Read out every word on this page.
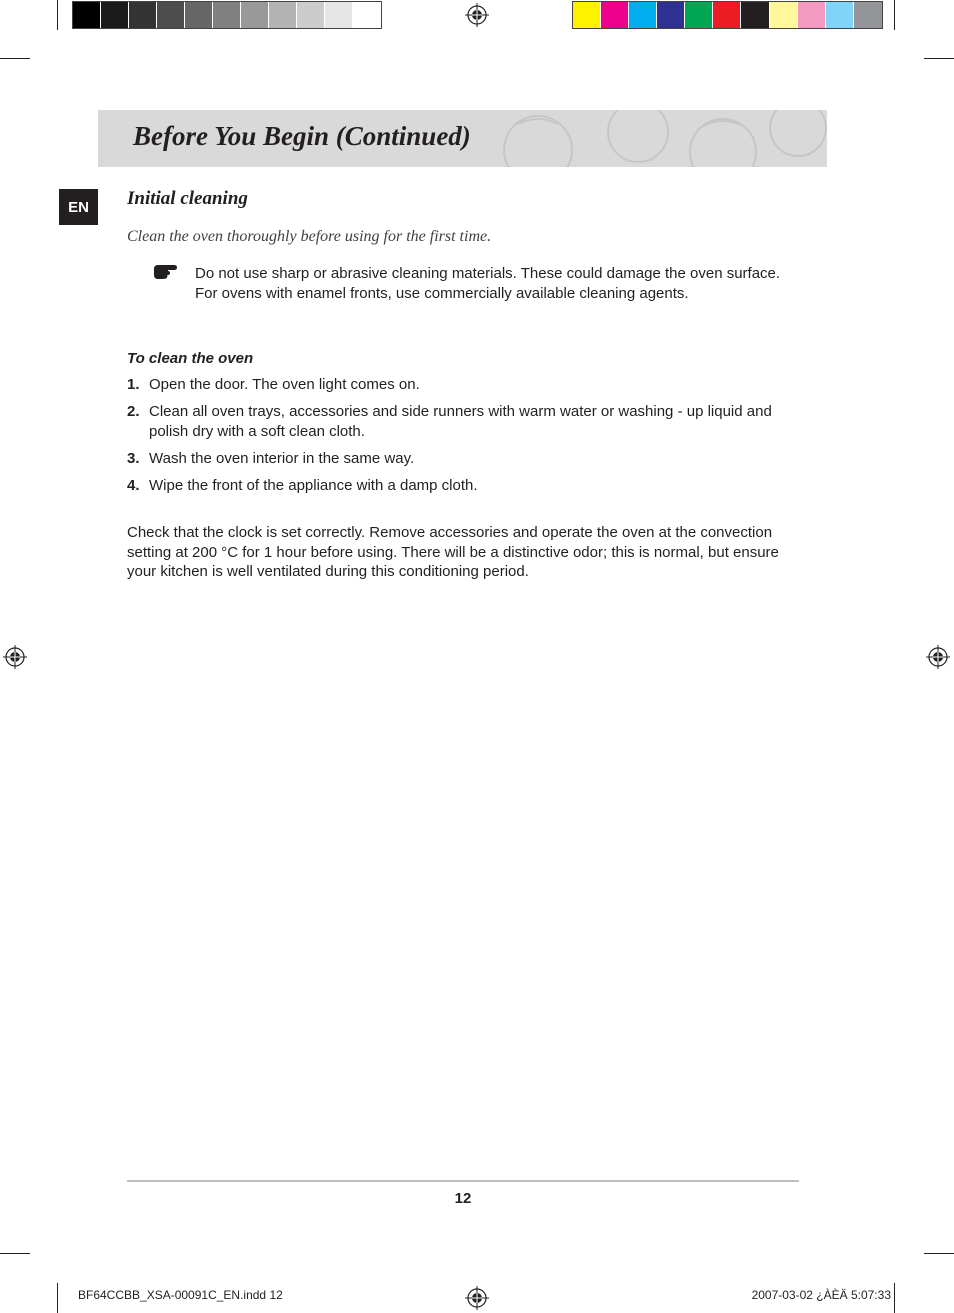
Before You Begin (Continued)
EN	Initial cleaning
Clean the oven thoroughly before using for the first time.
Do not use sharp or abrasive cleaning materials. These could damage the oven surface. For ovens with enamel fronts, use commercially available cleaning agents.
To clean the oven
1. Open the door. The oven light comes on.
2. Clean all oven trays, accessories and side runners with warm water or washing - up liquid and polish dry with a soft clean cloth.
3. Wash the oven interior in the same way.
4. Wipe the front of the appliance with a damp cloth.
Check that the clock is set correctly. Remove accessories and operate the oven at the convection setting at 200 °C for 1 hour before using. There will be a distinctive odor; this is normal, but ensure your kitchen is well ventilated during this conditioning period.
12
BF64CCBB_XSA-00091C_EN.indd 12	2007-03-02 ¿ÀÈÄ 5:07:33
